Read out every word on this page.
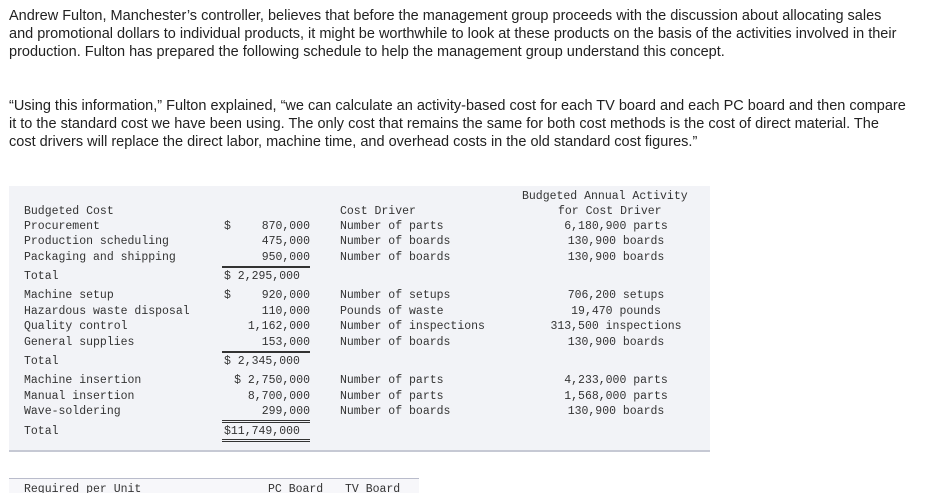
Andrew Fulton, Manchester’s controller, believes that before the management group proceeds with the discussion about allocating sales and promotional dollars to individual products, it might be worthwhile to look at these products on the basis of the activities involved in their production. Fulton has prepared the following schedule to help the management group understand this concept.

“Using this information,” Fulton explained, “we can calculate an activity-based cost for each TV board and each PC board and then compare it to the standard cost we have been using. The only cost that remains the same for both cost methods is the cost of direct material. The cost drivers will replace the direct labor, machine time, and overhead costs in the old standard cost figures.”

Budgeted Cost	Cost Driver
Budgeted Annual Activity
for Cost Driver
Procurement	$	870,000	Number of parts	6,180,900 parts
Production scheduling	475,000	Number of boards	130,900 boards
Packaging and shipping	950,000	Number of boards	130,900 boards
Total	$ 2,295,000
Machine setup	$	920,000	Number of setups	706,200 setups
Hazardous waste disposal	110,000	Pounds of waste	19,470 pounds
Quality control	1,162,000	Number of inspections	313,500 inspections
General supplies	153,000	Number of boards	130,900 boards
Total	$ 2,345,000
Machine insertion	$ 2,750,000	Number of parts	4,233,000 parts
Manual insertion	8,700,000	Number of parts	1,568,000 parts
Wave-soldering	299,000	Number of boards	130,900 boards
Total	$11,749,000
Required per Unit	PC Board TV Board
